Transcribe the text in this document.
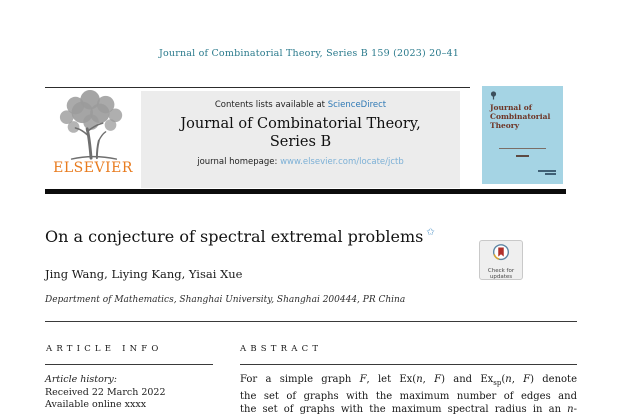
Journal of Combinatorial Theory, Series B 159 (2023) 20–41
ELSEVIER
Contents lists available at ScienceDirect
Journal of Combinatorial Theory,
Series B
journal homepage: www.elsevier.com/locate/jctb
Journal of
Combinatorial
Theory
On a conjecture of spectral extremal problems ✩
Check for
updates
Jing Wang, Liying Kang, Yisai Xue
Department of Mathematics, Shanghai University, Shanghai 200444, PR China
ARTICLE INFO
Article history:
Received 22 March 2022
Available online xxxx
ABSTRACT
For a simple graph F, let Ex(n, F) and $Ex_{sp}(n$, F) denote
the set of graphs with the maximum number of edges and
the set of graphs with the maximum spectral radius in an n-
